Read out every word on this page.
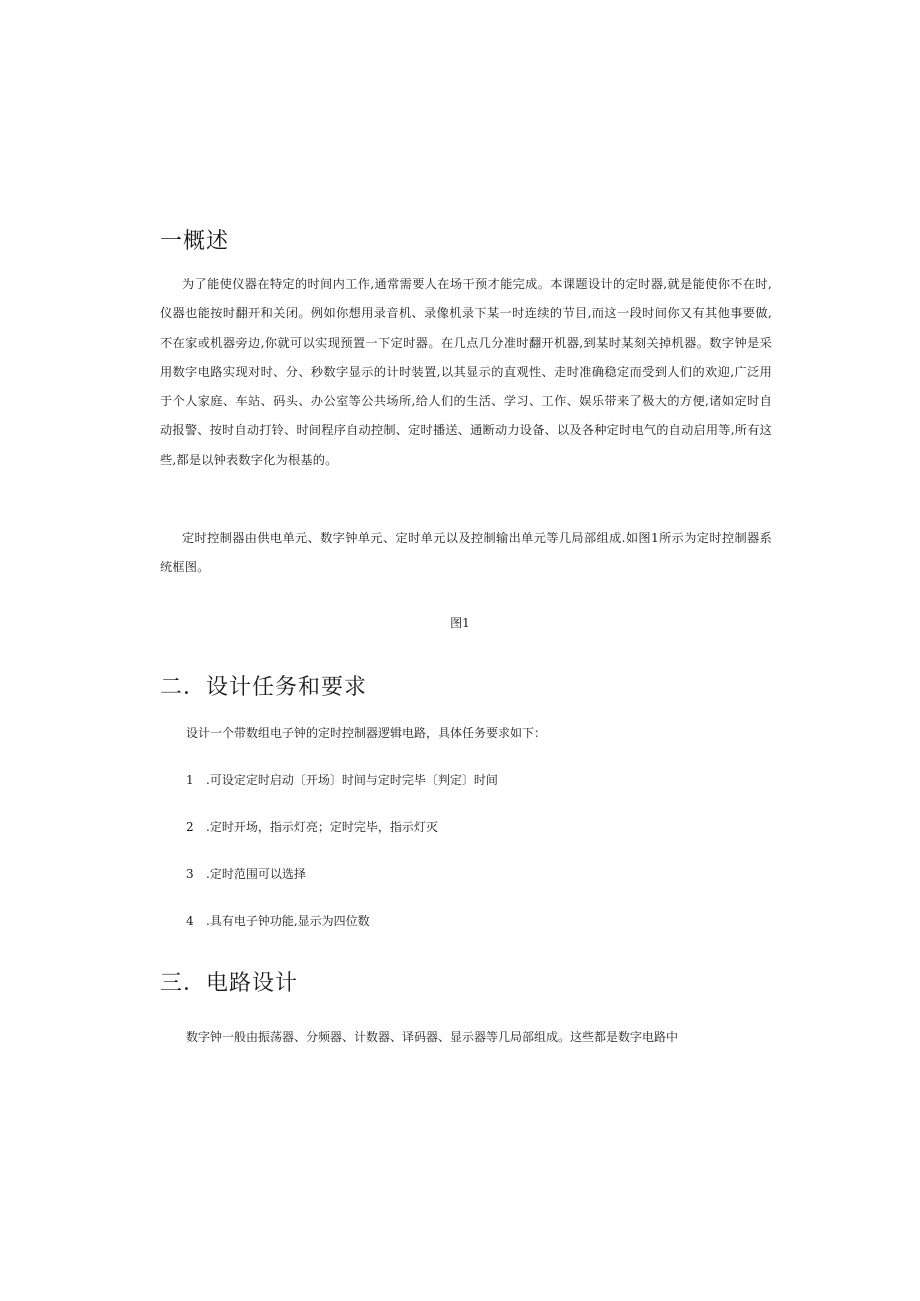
一概述

为了能使仪器在特定的时间内工作,通常需要人在场干预才能完成。本课题设计的定时器,就是能使你不在时,仪器也能按时翻开和关闭。例如你想用录音机、录像机录下某一时连续的节目,而这一段时间你又有其他事要做,不在家或机器旁边,你就可以实现预置一下定时器。在几点几分准时翻开机器,到某时某刻关掉机器。数字钟是采用数字电路实现对时、分、秒数字显示的计时装置,以其显示的直观性、走时准确稳定而受到人们的欢迎,广泛用于个人家庭、车站、码头、办公室等公共场所,给人们的生活、学习、工作、娱乐带来了极大的方便,诸如定时自动报警、按时自动打铃、时间程序自动控制、定时播送、通断动力设备、以及各种定时电气的自动启用等,所有这些,都是以钟表数字化为根基的。

定时控制器由供电单元、数字钟单元、定时单元以及控制输出单元等几局部组成.如图1所示为定时控制器系统框图。

图1

二．设计任务和要求

设计一个带数组电子钟的定时控制器逻辑电路，具体任务要求如下：

1 .可设定定时启动〔开场〕时间与定时完毕〔判定〕时间

2 .定时开场，指示灯亮；定时完毕，指示灯灭

3 .定时范围可以选择

4 .具有电子钟功能,显示为四位数

三．电路设计

数字钟一般由振荡器、分频器、计数器、译码器、显示器等几局部组成。这些都是数字电路中
